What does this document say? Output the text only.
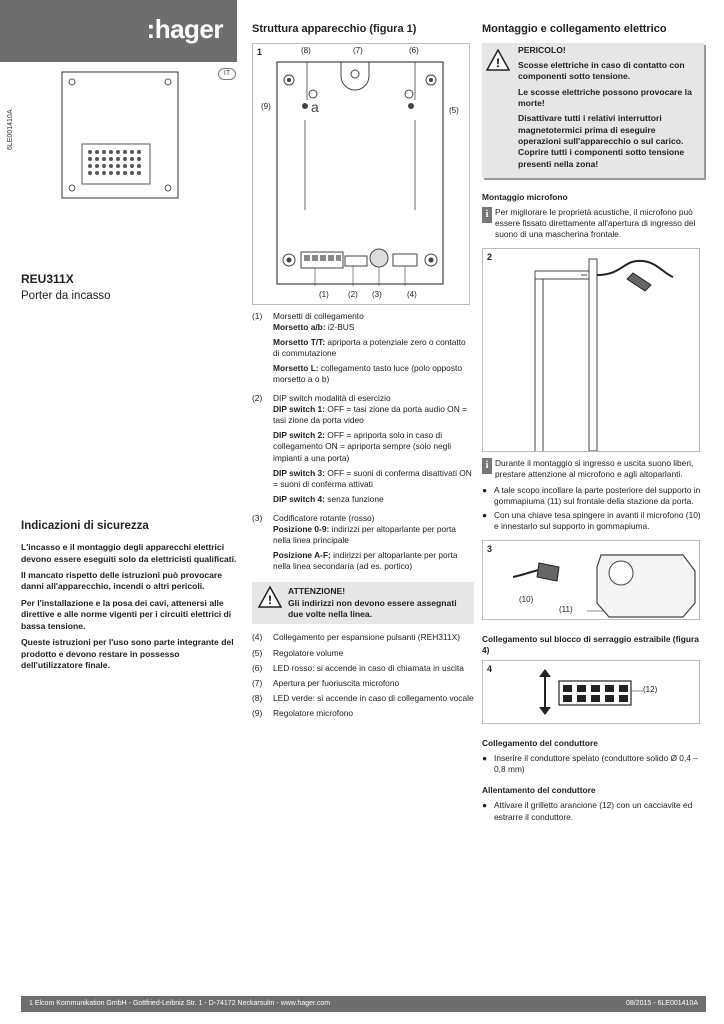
:hager
IT
6LE001410A
REU311X
Porter da incasso
Indicazioni di sicurezza

L'incasso e il montaggio degli apparecchi elettrici devono essere eseguiti solo da elettricisti qualificati.

Il mancato rispetto delle istruzioni può provocare danni all'apparecchio, incendi o altri pericoli.

Per l'installazione e la posa dei cavi, attenersi alle direttive e alle norme vigenti per i circuiti elettrici di bassa tensione.

Queste istruzioni per l'uso sono parte integrante del prodotto e devono restare in possesso dell'utilizzatore finale.

Struttura apparecchio (figura 1)
1	(8)	(7)	(6)
(9)	(5)
(1) (2) (3)	(4)
a
(1)	Morsetti di collegamento
Morsetto a/b: i2-BUS
Morsetto T/T: apriporta a potenziale zero o contatto di commutazione
Morsetto L: collegamento tasto luce (polo opposto morsetto a o b)
(2)	DIP switch modalità di esercizio
DIP switch 1: OFF = tasi zione da porta audio ON = tasi zione da porta video
DIP switch 2: OFF = apriporta solo in caso di collegamento ON = apriporta sempre (solo negli impianti a una porta)
DIP switch 3: OFF = suoni di conferma disattivati ON = suoni di conferma attivati
DIP switch 4: senza funzione
(3)	Codificatore rotante (rosso)
Posizione 0-9: indirizzi per altoparlante per porta nella linea principale
Posizione A-F: indirizzi per altoparlante per porta nella linea secondaria (ad es. portico)
!
ATTENZIONE!
Gli indirizzi non devono essere assegnati due volte nella linea.
(4)	Collegamento per espansione pulsanti (REH311X)
(5)	Regolatore volume
(6)	LED rosso: si accende in caso di chiamata in uscita
(7)	Apertura per fuoriuscita microfono
(8)	LED verde: si accende in caso di collegamento vocale
(9)	Regolatore microfono
Montaggio e collegamento elettrico
!

PERICOLO!

Scosse elettriche in caso di contatto con componenti sotto tensione.

Le scosse elettriche possono provocare la morte!

Disattivare tutti i relativi interruttori magnetotermici prima di eseguire operazioni sull'apparecchio o sul carico. Coprire tutti i componenti sotto tensione presenti nella zona!

Montaggio microfono
i Per migliorare le proprietà acustiche, il microfono può essere fissato direttamente all'apertura di ingresso del suono di una mascherina frontale.
2
i Durante il montaggio si ingresso e uscita suono liberi, prestare attenzione al microfono e agli altoparlanti.
● A tale scopo incollare la parte posteriore del supporto in gommapiuma (11) sul frontale della stazione da porta.
● Con una chiave tesa spingere in avanti il microfono (10) e innestarlo sul supporto in gommapiuma.
3
(10)
(11)
Collegamento sul blocco di serraggio estraibile (figura 4)
4
(12)
Collegamento del conduttore
● Inserire il conduttore spelato (conduttore solido Ø 0,4 – 0,8 mm)
Allentamento del conduttore
● Attivare il grilletto arancione (12) con un cacciavite ed estrarre il conduttore.
1 Elcom Kommunikation GmbH - Gottfried-Leibniz Str. 1 - D-74172 Neckarsulm - www.hager.com	08/2015 - 6LE001410A
